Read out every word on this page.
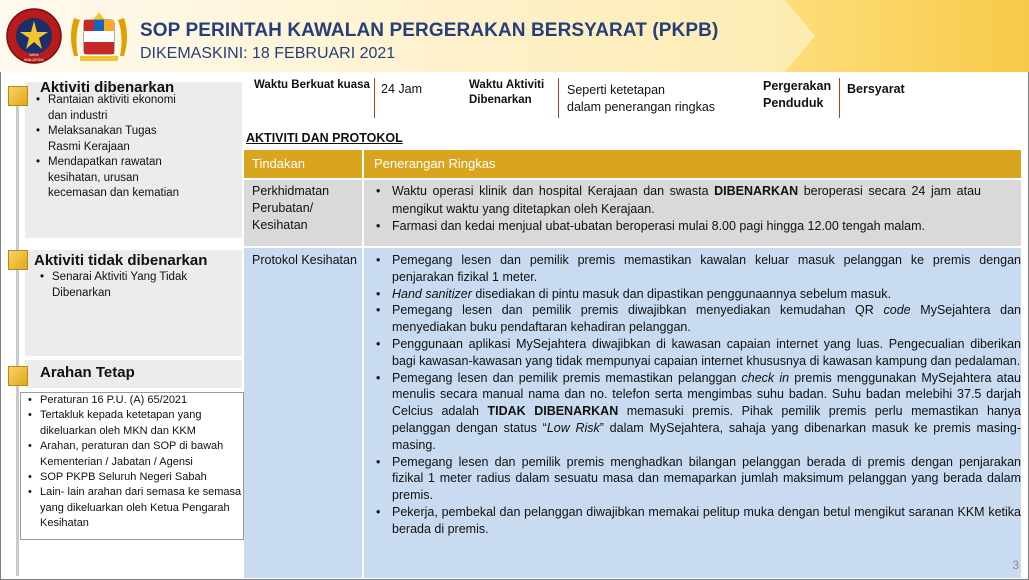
MALAYSIA
MKN
SOP PERINTAH KAWALAN PERGERAKAN BERSYARAT (PKPB)
DIKEMASKINI: 18 FEBRUARI 2021
Aktiviti dibenarkan
• Rantaian aktiviti ekonomi dan industri
• Melaksanakan Tugas Rasmi Kerajaan
• Mendapatkan rawatan kesihatan, urusan kecemasan dan kematian
Aktiviti tidak dibenarkan
• Senarai Aktiviti Yang Tidak Dibenarkan
Arahan Tetap
• Peraturan 16 P.U. (A) 65/2021
• Tertakluk kepada ketetapan yang dikeluarkan oleh MKN dan KKM
• Arahan, peraturan dan SOP di bawah Kementerian / Jabatan / Agensi
• SOP PKPB Seluruh Negeri Sabah
• Lain- lain arahan dari semasa ke semasa yang dikeluarkan oleh Ketua Pengarah Kesihatan
Waktu Berkuat kuasa 24 Jam	Waktu Aktiviti
Dibenarkan
Seperti ketetapan
dalam penerangan ringkas
Pergerakan
Penduduk
Bersyarat
AKTIVITI DAN PROTOKOL
Tindakan	Penerangan Ringkas
Perkhidmatan
Perubatan/
Kesihatan
• Waktu operasi klinik dan hospital Kerajaan dan swasta DIBENARKAN beroperasi secara 24 jam atau mengikut waktu yang ditetapkan oleh Kerajaan.
• Farmasi dan kedai menjual ubat-ubatan beroperasi mulai 8.00 pagi hingga 12.00 tengah malam.
Protokol Kesihatan
•	Pemegang lesen dan pemilik premis memastikan kawalan keluar masuk pelanggan ke premis dengan penjarakan fizikal 1 meter.
• Hand sanitizer disediakan di pintu masuk dan dipastikan penggunaannya sebelum masuk.
• Pemegang lesen dan pemilik premis diwajibkan menyediakan kemudahan QR code MySejahtera dan menyediakan buku pendaftaran kehadiran pelanggan.
• Penggunaan aplikasi MySejahtera diwajibkan di kawasan capaian internet yang luas. Pengecualian diberikan bagi kawasan-kawasan yang tidak mempunyai capaian internet khususnya di kawasan kampung dan pedalaman.
• Pemegang lesen dan pemilik premis memastikan pelanggan check in premis menggunakan MySejahtera atau menulis secara manual nama dan no. telefon serta mengimbas suhu badan. Suhu badan melebihi 37.5 darjah Celcius adalah TIDAK DIBENARKAN memasuki premis. Pihak pemilik premis perlu memastikan hanya pelanggan dengan status “Low Risk” dalam MySejahtera, sahaja yang dibenarkan masuk ke premis masing-masing.
• Pemegang lesen dan pemilik premis menghadkan bilangan pelanggan berada di premis dengan penjarakan fizikal 1 meter radius dalam sesuatu masa dan memaparkan jumlah maksimum pelanggan yang berada dalam premis.
• Pekerja, pembekal dan pelanggan diwajibkan memakai pelitup muka dengan betul mengikut saranan KKM ketika berada di premis.
3
